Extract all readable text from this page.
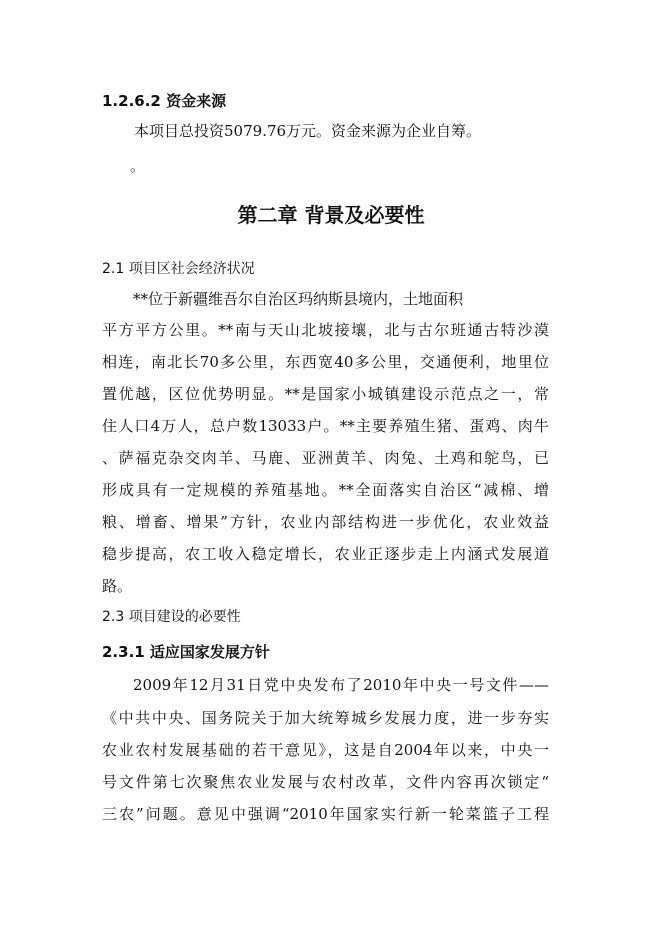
1.2.6.2 资金来源
本项目总投资5079.76万元。资金来源为企业自筹。
。
第二章 背景及必要性
2.1 项目区社会经济状况
**位于新疆维吾尔自治区玛纳斯县境内，土地面积
平方平方公里。**南与天山北坡接壤，北与古尔班通古特沙漠
相连，南北长70多公里，东西宽40多公里，交通便利，地里位
置优越，区位优势明显。**是国家小城镇建设示范点之一，常
住人口4万人，总户数13033户。**主要养殖生猪、蛋鸡、肉牛
、萨福克杂交肉羊、马鹿、亚洲黄羊、肉兔、土鸡和鸵鸟，已
形成具有一定规模的养殖基地。**全面落实自治区“减棉、增
粮、增畜、增果”方针，农业内部结构进一步优化，农业效益
稳步提高，农工收入稳定增长，农业正逐步走上内涵式发展道
路。
2.3 项目建设的必要性
2.3.1 适应国家发展方针
2009年12月31日党中央发布了2010年中央一号文件——
《中共中央、国务院关于加大统筹城乡发展力度，进一步夯实
农业农村发展基础的若干意见》，这是自2004年以来，中央一
号文件第七次聚焦农业发展与农村改革，文件内容再次锁定“
三农”问题。意见中强调“2010年国家实行新一轮菜篮子工程
